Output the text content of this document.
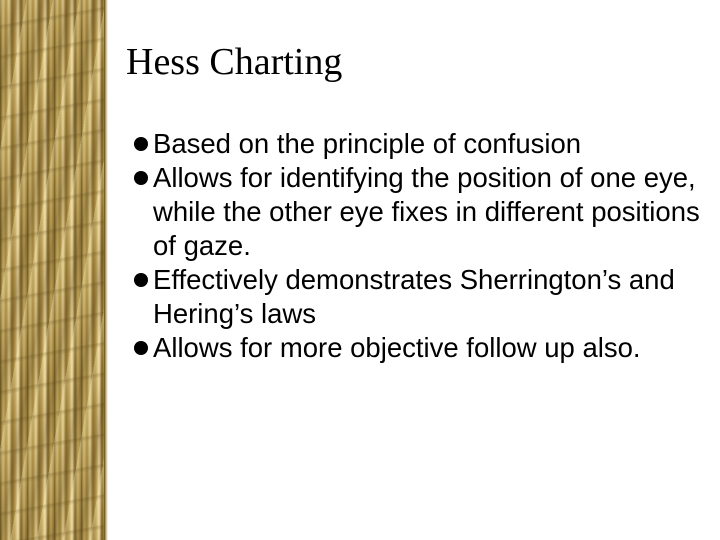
Hess Charting
Based on the principle of confusion
Allows for identifying the position of one eye, while the other eye fixes in different positions of gaze.
Effectively demonstrates Sherrington’s and Hering’s laws
Allows for more objective follow up also.
